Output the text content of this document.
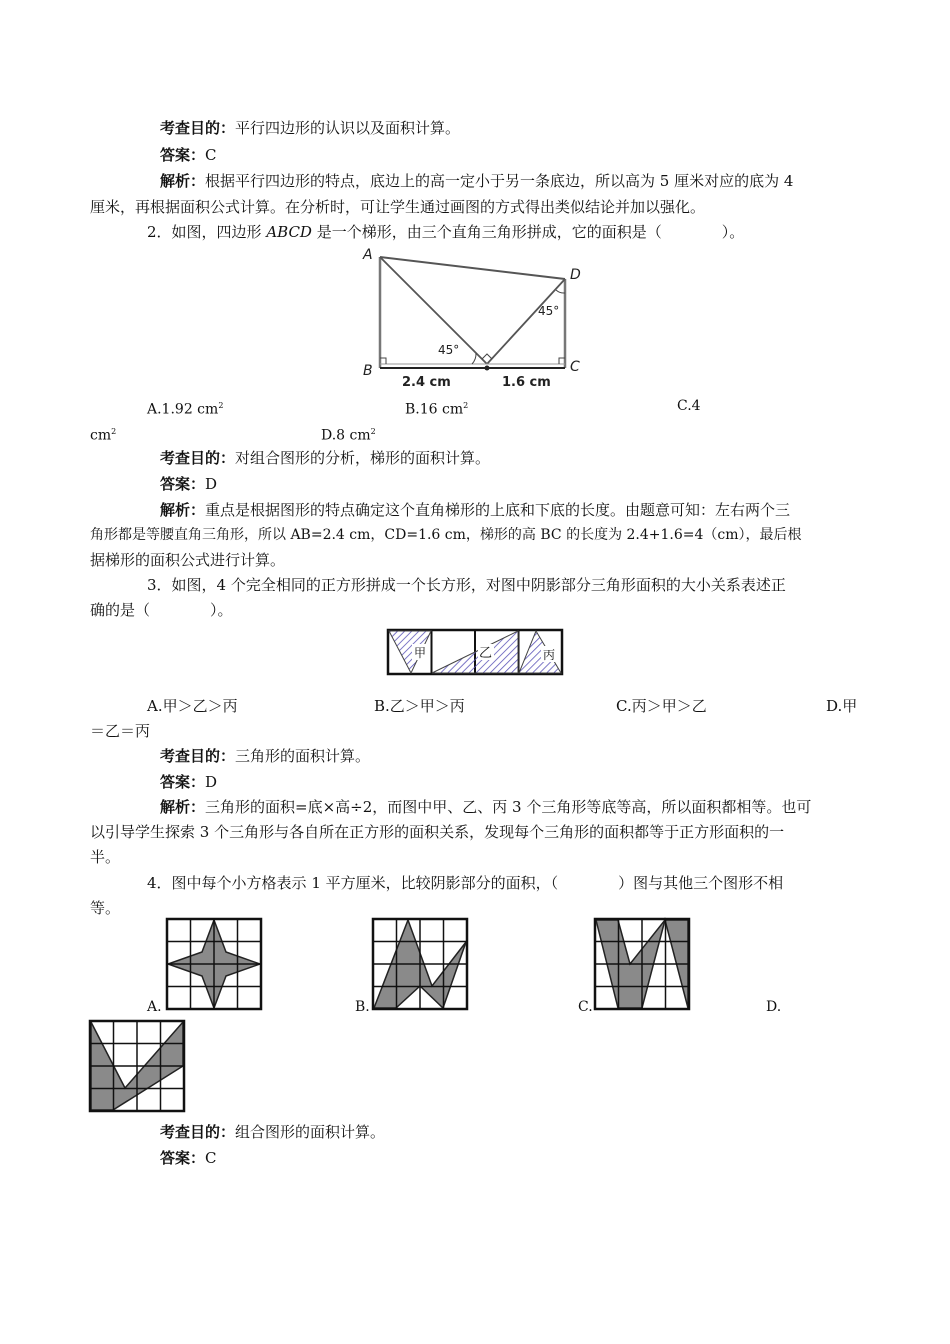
考查目的：平行四边形的认识以及面积计算。
答案：C
解析：根据平行四边形的特点，底边上的高一定小于另一条底边，所以高为 5 厘米对应的底为 4
厘米，再根据面积公式计算。在分析时，可让学生通过画图的方式得出类似结论并加以强化。
2．如图，四边形 ABCD 是一个梯形，由三个直角三角形拼成，它的面积是（　　　　）。
A
B	C
D
45°
45°
2.4 cm	1.6 cm
A.1.92 $cm^2$	B.16 $cm^2$	C.4
$cm^2$	D.8 $cm^2$
考查目的：对组合图形的分析，梯形的面积计算。
答案：D
解析：重点是根据图形的特点确定这个直角梯形的上底和下底的长度。由题意可知：左右两个三
角形都是等腰直角三角形，所以 AB=2.4 cm，CD=1.6 cm，梯形的高 BC 的长度为 2.4+1.6=4（cm），最后根
据梯形的面积公式进行计算。
3．如图，4 个完全相同的正方形拼成一个长方形，对图中阴影部分三角形面积的大小关系表述正
确的是（　　　　）。
甲	乙	丙
A.甲＞乙＞丙	B.乙＞甲＞丙	C.丙＞甲＞乙	D.甲
＝乙＝丙
考查目的：三角形的面积计算。
答案：D
解析：三角形的面积=底×高÷2，而图中甲、乙、丙 3 个三角形等底等高，所以面积都相等。也可
以引导学生探索 3 个三角形与各自所在正方形的面积关系，发现每个三角形的面积都等于正方形面积的一
半。
4．图中每个小方格表示 1 平方厘米，比较阴影部分的面积，（　　　　）图与其他三个图形不相
等。
A.	B.	C.	D.
考查目的：组合图形的面积计算。
答案：C
